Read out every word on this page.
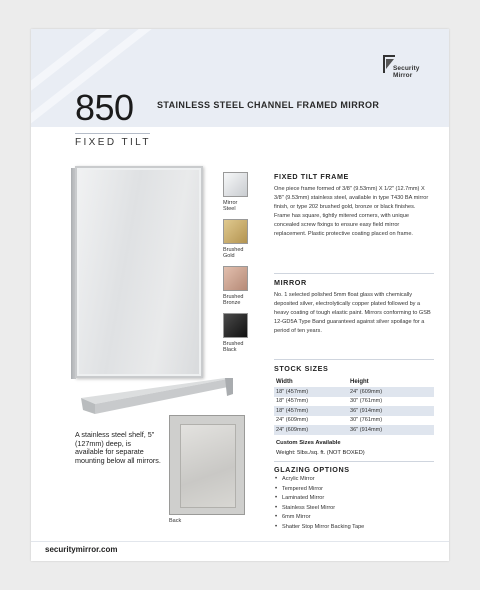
Security
Mirror
850	STAINLESS STEEL CHANNEL FRAMED MIRROR
FIXED TILT
A stainless steel shelf, 5" (127mm) deep, is available for separate mounting below all mirrors.
Back
Mirror Steel
Brushed Gold
Brushed Bronze
Brushed Black
FIXED TILT FRAME
One piece frame formed of 3/8" (9.53mm) X 1/2" (12.7mm) X 3/8" (9.53mm) stainless steel, available in type T430 BA mirror finish, or type 202 brushed gold, bronze or black finishes. Frame has square, tightly mitered corners, with unique concealed screw fixings to ensure easy field mirror replacement. Plastic protective coating placed on frame.
MIRROR
No. 1 selected polished 5mm float glass with chemically deposited silver, electrolytically copper plated followed by a heavy coating of tough elastic paint. Mirrors conforming to GSB 12-GD5A Type Band guaranteed against silver spoilage for a period of ten years.
STOCK SIZES
Width	Height
18" (457mm)	24" (609mm)
18" (457mm)	30" (761mm)
18" (457mm)	36" (914mm)
24" (609mm)	30" (761mm)
24" (609mm)	36" (914mm)
Custom Sizes Available
Weight: 5lbs./sq. ft. (NOT BOXED)
GLAZING OPTIONS
• Acrylic Mirror
• Tempered Mirror
• Laminated Mirror
• Stainless Steel Mirror
• 6mm Mirror
• Shatter Stop Mirror Backing Tape
securitymirror.com
